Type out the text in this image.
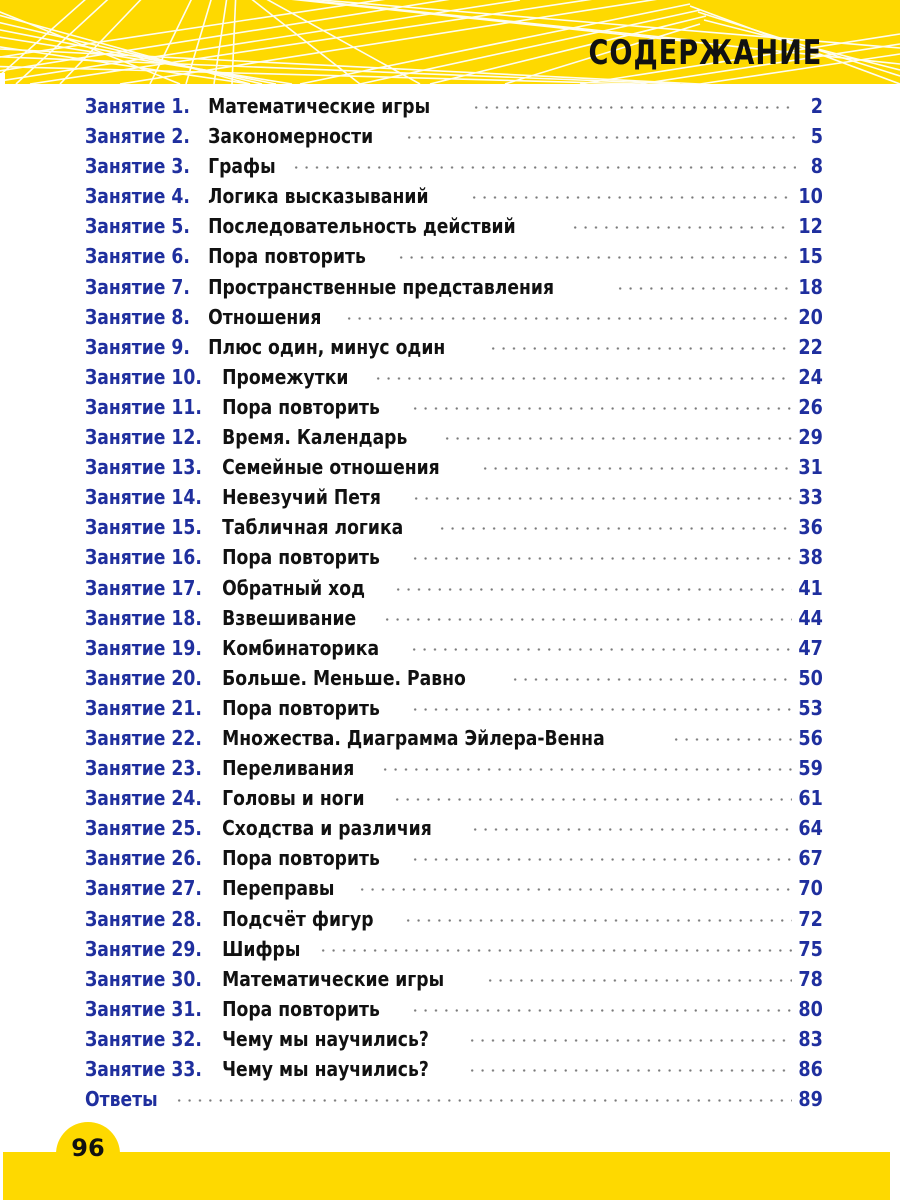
СОДЕРЖАНИЕ
Занятие 1. Математические игры	2
Занятие 2. Закономерности	5
Занятие 3. Графы	8
Занятие 4. Логика высказываний	10
Занятие 5. Последовательность действий	12
Занятие 6. Пора повторить	15
Занятие 7. Пространственные представления	18
Занятие 8. Отношения	20
Занятие 9. Плюс один, минус один	22
Занятие 10. Промежутки	24
Занятие 11. Пора повторить	26
Занятие 12. Время. Календарь	29
Занятие 13. Семейные отношения	31
Занятие 14. Невезучий Петя	33
Занятие 15. Табличная логика	36
Занятие 16. Пора повторить	38
Занятие 17. Обратный ход	41
Занятие 18. Взвешивание	44
Занятие 19. Комбинаторика	47
Занятие 20. Больше. Меньше. Равно	50
Занятие 21. Пора повторить	53
Занятие 22. Множества. Диаграмма Эйлера-Венна	56
Занятие 23. Переливания	59
Занятие 24. Головы и ноги	61
Занятие 25. Сходства и различия	64
Занятие 26. Пора повторить	67
Занятие 27. Переправы	70
Занятие 28. Подсчёт фигур	72
Занятие 29. Шифры	75
Занятие 30. Математические игры	78
Занятие 31. Пора повторить	80
Занятие 32. Чему мы научились?	83
Занятие 33. Чему мы научились?	86
Ответы	89
96
